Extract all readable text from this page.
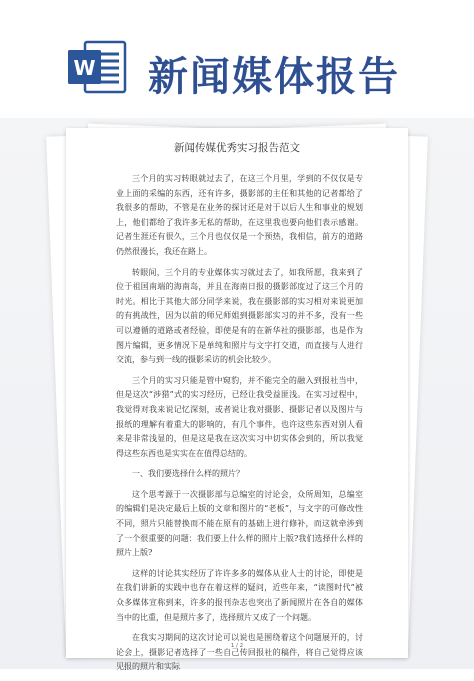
W 新闻媒体报告
新闻传媒优秀实习报告范文

三个月的实习转眼就过去了，在这三个月里，学到的不仅仅是专业上面的采编的东西，还有许多，摄影部的主任和其他的记者都给了我很多的帮助，不管是在业务的探讨还是对于以后人生和事业的规划上，他们都给了我许多无私的帮助，在这里我也要向他们表示感谢。记者生涯还有很久，三个月也仅仅是一个预热，我相信，前方的道路仍然很漫长，我还在路上。

转眼间，三个月的专业媒体实习就过去了，如我所愿，我来到了位于祖国南端的海南岛，并且在海南日报的摄影部度过了这三个月的时光。相比于其他大部分同学来说，我在摄影部的实习相对来说更加的有挑战性，因为以前的师兄师姐到摄影部实习的并不多，没有一些可以遵循的道路或者经验，即使是有的在新华社的摄影部，也是作为图片编辑，更多情况下是单纯和照片与文字打交道，而直接与人进行交流，参与到一线的摄影采访的机会比较少。

三个月的实习只能是管中窥豹，并不能完全的融入到报社当中，但是这次“涉猎”式的实习经历，已经让我受益匪浅。在实习过程中，我觉得对我来说记忆深刻，或者说让我对摄影、摄影记者以及图片与报纸的理解有着重大的影响的，有几个事件，也许这些东西对别人看来是非常浅显的，但是这是我在这次实习中切实体会到的，所以我觉得这些东西也是实实在在值得总结的。

一、我们要选择什么样的照片？

这个思考源于一次摄影部与总编室的讨论会，众所周知，总编室的编辑们是决定最后上版的文章和图片的“老板”，与文字的可修改性不同，照片只能替换而不能在原有的基础上进行修补，而这就牵涉到了一个很重要的问题：我们要上什么样的照片上版?我们选择什么样的照片上版?

这样的讨论其实经历了许许多多的媒体从业人士的讨论，即使是在我们讲新的实践中也存在着这样的疑问，近些年来，“读图时代”被众多媒体宣称到来，许多的报刊杂志也突出了新闻照片在各自的媒体当中的比重，但是照片多了，选择照片又成了一个问题。

在我实习期间的这次讨论可以说也是围绕着这个问题展开的，讨论会上，摄影记者选择了一些自己传回报社的稿件，将自己觉得应该见报的照片和实际

1 / 2
